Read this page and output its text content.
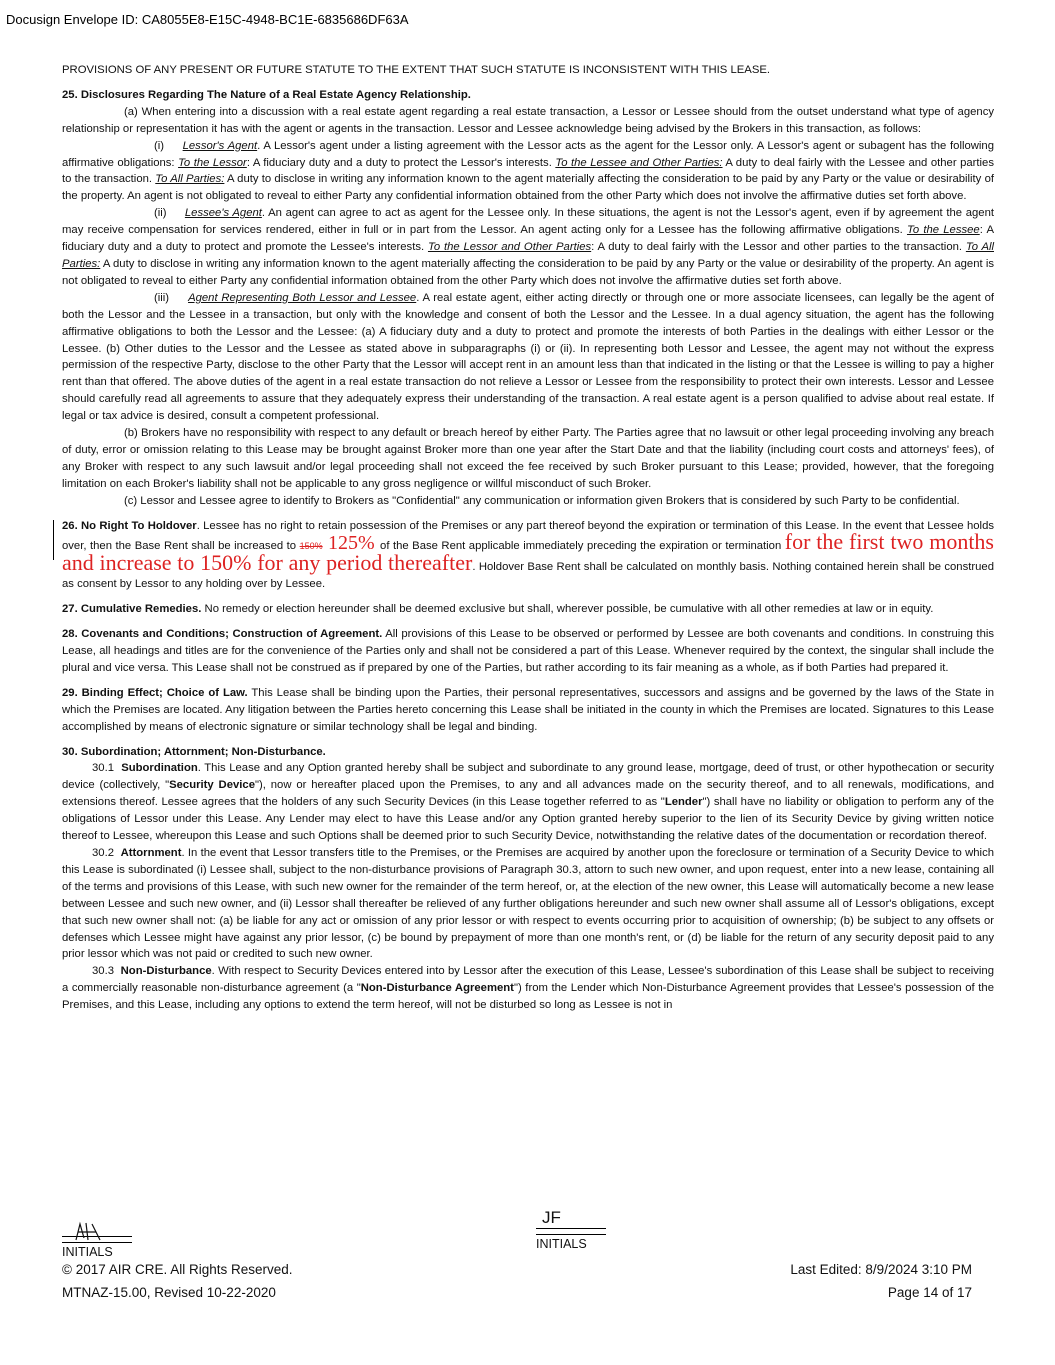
Docusign Envelope ID: CA8055E8-E15C-4948-BC1E-6835686DF63A

PROVISIONS OF ANY PRESENT OR FUTURE STATUTE TO THE EXTENT THAT SUCH STATUTE IS INCONSISTENT WITH THIS LEASE.

25. Disclosures Regarding The Nature of a Real Estate Agency Relationship.

(a) When entering into a discussion with a real estate agent regarding a real estate transaction, a Lessor or Lessee should from the outset understand what type of agency relationship or representation it has with the agent or agents in the transaction. Lessor and Lessee acknowledge being advised by the Brokers in this transaction, as follows:

(i)     Lessor's Agent. A Lessor's agent under a listing agreement with the Lessor acts as the agent for the Lessor only. A Lessor's agent or subagent has the following affirmative obligations: To the Lessor: A fiduciary duty and a duty to protect the Lessor's interests. To the Lessee and Other Parties: A duty to deal fairly with the Lessee and other parties to the transaction. To All Parties: A duty to disclose in writing any information known to the agent materially affecting the consideration to be paid by any Party or the value or desirability of the property. An agent is not obligated to reveal to either Party any confidential information obtained from the other Party which does not involve the affirmative duties set forth above.

(ii)     Lessee's Agent. An agent can agree to act as agent for the Lessee only. In these situations, the agent is not the Lessor's agent, even if by agreement the agent may receive compensation for services rendered, either in full or in part from the Lessor. An agent acting only for a Lessee has the following affirmative obligations. To the Lessee: A fiduciary duty and a duty to protect and promote the Lessee's interests. To the Lessor and Other Parties: A duty to deal fairly with the Lessor and other parties to the transaction. To All Parties: A duty to disclose in writing any information known to the agent materially affecting the consideration to be paid by any Party or the value or desirability of the property. An agent is not obligated to reveal to either Party any confidential information obtained from the other Party which does not involve the affirmative duties set forth above.

(iii)     Agent Representing Both Lessor and Lessee. A real estate agent, either acting directly or through one or more associate licensees, can legally be the agent of both the Lessor and the Lessee in a transaction, but only with the knowledge and consent of both the Lessor and the Lessee. In a dual agency situation, the agent has the following affirmative obligations to both the Lessor and the Lessee: (a) A fiduciary duty and a duty to protect and promote the interests of both Parties in the dealings with either Lessor or the Lessee. (b) Other duties to the Lessor and the Lessee as stated above in subparagraphs (i) or (ii). In representing both Lessor and Lessee, the agent may not without the express permission of the respective Party, disclose to the other Party that the Lessor will accept rent in an amount less than that indicated in the listing or that the Lessee is willing to pay a higher rent than that offered. The above duties of the agent in a real estate transaction do not relieve a Lessor or Lessee from the responsibility to protect their own interests. Lessor and Lessee should carefully read all agreements to assure that they adequately express their understanding of the transaction. A real estate agent is a person qualified to advise about real estate. If legal or tax advice is desired, consult a competent professional.

(b) Brokers have no responsibility with respect to any default or breach hereof by either Party. The Parties agree that no lawsuit or other legal proceeding involving any breach of duty, error or omission relating to this Lease may be brought against Broker more than one year after the Start Date and that the liability (including court costs and attorneys' fees), of any Broker with respect to any such lawsuit and/or legal proceeding shall not exceed the fee received by such Broker pursuant to this Lease; provided, however, that the foregoing limitation on each Broker's liability shall not be applicable to any gross negligence or willful misconduct of such Broker.

(c) Lessor and Lessee agree to identify to Brokers as "Confidential" any communication or information given Brokers that is considered by such Party to be confidential.

26. No Right To Holdover. Lessee has no right to retain possession of the Premises or any part thereof beyond the expiration or termination of this Lease. In the event that Lessee holds over, then the Base Rent shall be increased to 150% 125% of the Base Rent applicable immediately preceding the expiration or termination for the first two months and increase to 150% for any period thereafter. Holdover Base Rent shall be calculated on monthly basis. Nothing contained herein shall be construed as consent by Lessor to any holding over by Lessee.

27. Cumulative Remedies. No remedy or election hereunder shall be deemed exclusive but shall, wherever possible, be cumulative with all other remedies at law or in equity.

28. Covenants and Conditions; Construction of Agreement. All provisions of this Lease to be observed or performed by Lessee are both covenants and conditions. In construing this Lease, all headings and titles are for the convenience of the Parties only and shall not be considered a part of this Lease. Whenever required by the context, the singular shall include the plural and vice versa. This Lease shall not be construed as if prepared by one of the Parties, but rather according to its fair meaning as a whole, as if both Parties had prepared it.

29. Binding Effect; Choice of Law. This Lease shall be binding upon the Parties, their personal representatives, successors and assigns and be governed by the laws of the State in which the Premises are located. Any litigation between the Parties hereto concerning this Lease shall be initiated in the county in which the Premises are located. Signatures to this Lease accomplished by means of electronic signature or similar technology shall be legal and binding.

30. Subordination; Attornment; Non-Disturbance.

30.1  Subordination. This Lease and any Option granted hereby shall be subject and subordinate to any ground lease, mortgage, deed of trust, or other hypothecation or security device (collectively, "Security Device"), now or hereafter placed upon the Premises, to any and all advances made on the security thereof, and to all renewals, modifications, and extensions thereof. Lessee agrees that the holders of any such Security Devices (in this Lease together referred to as "Lender") shall have no liability or obligation to perform any of the obligations of Lessor under this Lease. Any Lender may elect to have this Lease and/or any Option granted hereby superior to the lien of its Security Device by giving written notice thereof to Lessee, whereupon this Lease and such Options shall be deemed prior to such Security Device, notwithstanding the relative dates of the documentation or recordation thereof.

30.2  Attornment. In the event that Lessor transfers title to the Premises, or the Premises are acquired by another upon the foreclosure or termination of a Security Device to which this Lease is subordinated (i) Lessee shall, subject to the non-disturbance provisions of Paragraph 30.3, attorn to such new owner, and upon request, enter into a new lease, containing all of the terms and provisions of this Lease, with such new owner for the remainder of the term hereof, or, at the election of the new owner, this Lease will automatically become a new lease between Lessee and such new owner, and (ii) Lessor shall thereafter be relieved of any further obligations hereunder and such new owner shall assume all of Lessor's obligations, except that such new owner shall not: (a) be liable for any act or omission of any prior lessor or with respect to events occurring prior to acquisition of ownership; (b) be subject to any offsets or defenses which Lessee might have against any prior lessor, (c) be bound by prepayment of more than one month's rent, or (d) be liable for the return of any security deposit paid to any prior lessor which was not paid or credited to such new owner.

30.3  Non-Disturbance. With respect to Security Devices entered into by Lessor after the execution of this Lease, Lessee's subordination of this Lease shall be subject to receiving a commercially reasonable non-disturbance agreement (a "Non-Disturbance Agreement") from the Lender which Non-Disturbance Agreement provides that Lessee's possession of the Premises, and this Lease, including any options to extend the term hereof, will not be disturbed so long as Lessee is not in

INITIALS
JF
INITIALS
© 2017 AIR CRE. All Rights Reserved.	Last Edited: 8/9/2024 3:10 PM
MTNAZ-15.00, Revised 10-22-2020	Page 14 of 17
